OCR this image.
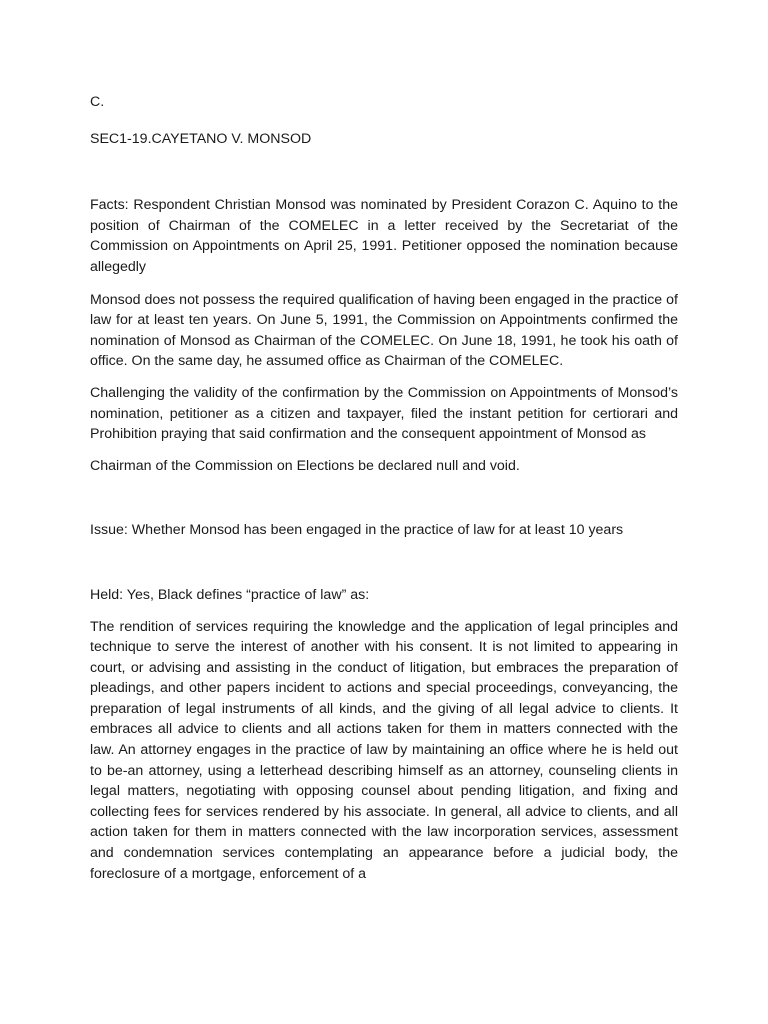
C.

SEC1-19.CAYETANO V. MONSOD

Facts: Respondent Christian Monsod was nominated by President Corazon C. Aquino to the position of Chairman of the COMELEC in a letter received by the Secretariat of the Commission on Appointments on April 25, 1991. Petitioner opposed the nomination because allegedly

Monsod does not possess the required qualification of having been engaged in the practice of law for at least ten years. On June 5, 1991, the Commission on Appointments confirmed the nomination of Monsod as Chairman of the COMELEC. On June 18, 1991, he took his oath of office. On the same day, he assumed office as Chairman of the COMELEC.

Challenging the validity of the confirmation by the Commission on Appointments of Monsod’s nomination, petitioner as a citizen and taxpayer, filed the instant petition for certiorari and Prohibition praying that said confirmation and the consequent appointment of Monsod as

Chairman of the Commission on Elections be declared null and void.

Issue: Whether Monsod has been engaged in the practice of law for at least 10 years

Held: Yes, Black defines “practice of law” as:

The rendition of services requiring the knowledge and the application of legal principles and technique to serve the interest of another with his consent. It is not limited to appearing in court, or advising and assisting in the conduct of litigation, but embraces the preparation of pleadings, and other papers incident to actions and special proceedings, conveyancing, the preparation of legal instruments of all kinds, and the giving of all legal advice to clients. It embraces all advice to clients and all actions taken for them in matters connected with the law. An attorney engages in the practice of law by maintaining an office where he is held out to be-an attorney, using a letterhead describing himself as an attorney, counseling clients in legal matters, negotiating with opposing counsel about pending litigation, and fixing and collecting fees for services rendered by his associate. In general, all advice to clients, and all action taken for them in matters connected with the law incorporation services, assessment and condemnation services contemplating an appearance before a judicial body, the foreclosure of a mortgage, enforcement of a
